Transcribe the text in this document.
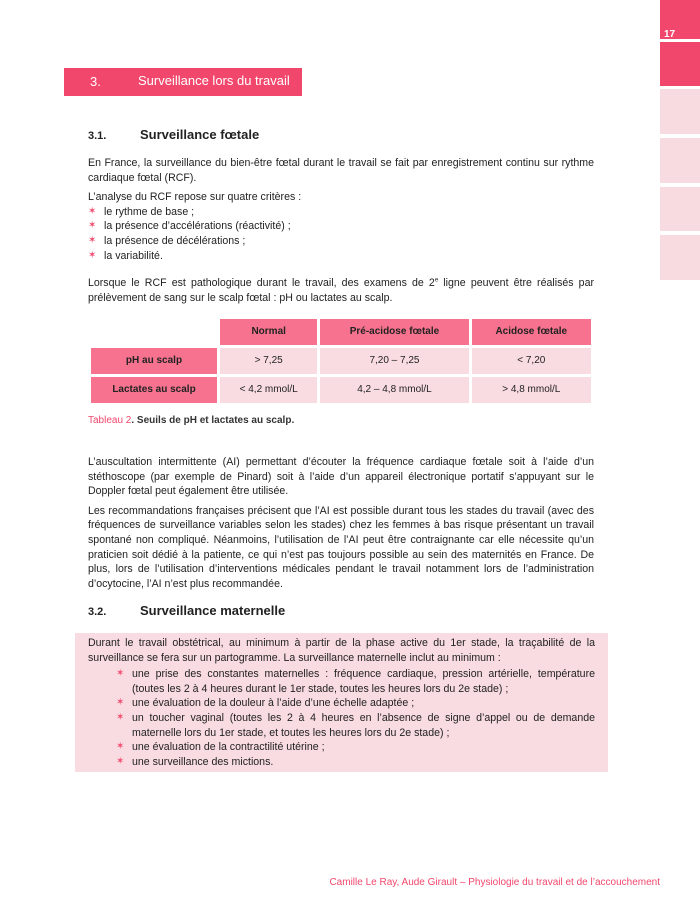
17
3.	Surveillance lors du travail
3.1.	Surveillance fœtale

En France, la surveillance du bien-être fœtal durant le travail se fait par enregistrement continu sur rythme cardiaque fœtal (RCF).

L’analyse du RCF repose sur quatre critères :

✶ le rythme de base ;
✶ la présence d’accélérations (réactivité) ;
✶ la présence de décélérations ;
✶ la variabilité.

Lorsque le RCF est pathologique durant le travail, des examens de 2e ligne peuvent être réalisés par prélèvement de sang sur le scalp fœtal : pH ou lactates au scalp.

	Normal	Pré-acidose fœtale	Acidose fœtale
pH au scalp	> 7,25	7,20 – 7,25	< 7,20
Lactates au scalp	< 4,2 mmol/L	4,2 – 4,8 mmol/L	> 4,8 mmol/L
Tableau 2. Seuils de pH et lactates au scalp.

L’auscultation intermittente (AI) permettant d’écouter la fréquence cardiaque fœtale soit à l’aide d’un stéthoscope (par exemple de Pinard) soit à l’aide d’un appareil électronique portatif s’appuyant sur le Doppler fœtal peut également être utilisée.

Les recommandations françaises précisent que l’AI est possible durant tous les stades du travail (avec des fréquences de surveillance variables selon les stades) chez les femmes à bas risque présentant un travail spontané non compliqué. Néanmoins, l’utilisation de l’AI peut être contraignante car elle nécessite qu’un praticien soit dédié à la patiente, ce qui n’est pas toujours possible au sein des maternités en France. De plus, lors de l’utilisation d’interventions médicales pendant le travail notamment lors de l’administration d’ocytocine, l’AI n’est plus recommandée.

3.2.	Surveillance maternelle

Durant le travail obstétrical, au minimum à partir de la phase active du 1er stade, la traçabilité de la surveillance se fera sur un partogramme. La surveillance maternelle inclut au minimum :

✶ une prise des constantes maternelles : fréquence cardiaque, pression artérielle, température (toutes les 2 à 4 heures durant le 1er stade, toutes les heures lors du 2e stade) ;
✶ une évaluation de la douleur à l’aide d’une échelle adaptée ;
✶ un toucher vaginal (toutes les 2 à 4 heures en l’absence de signe d’appel ou de demande maternelle lors du 1er stade, et toutes les heures lors du 2e stade) ;
✶ une évaluation de la contractilité utérine ;
✶ une surveillance des mictions.
Camille Le Ray, Aude Girault – Physiologie du travail et de l’accouchement
